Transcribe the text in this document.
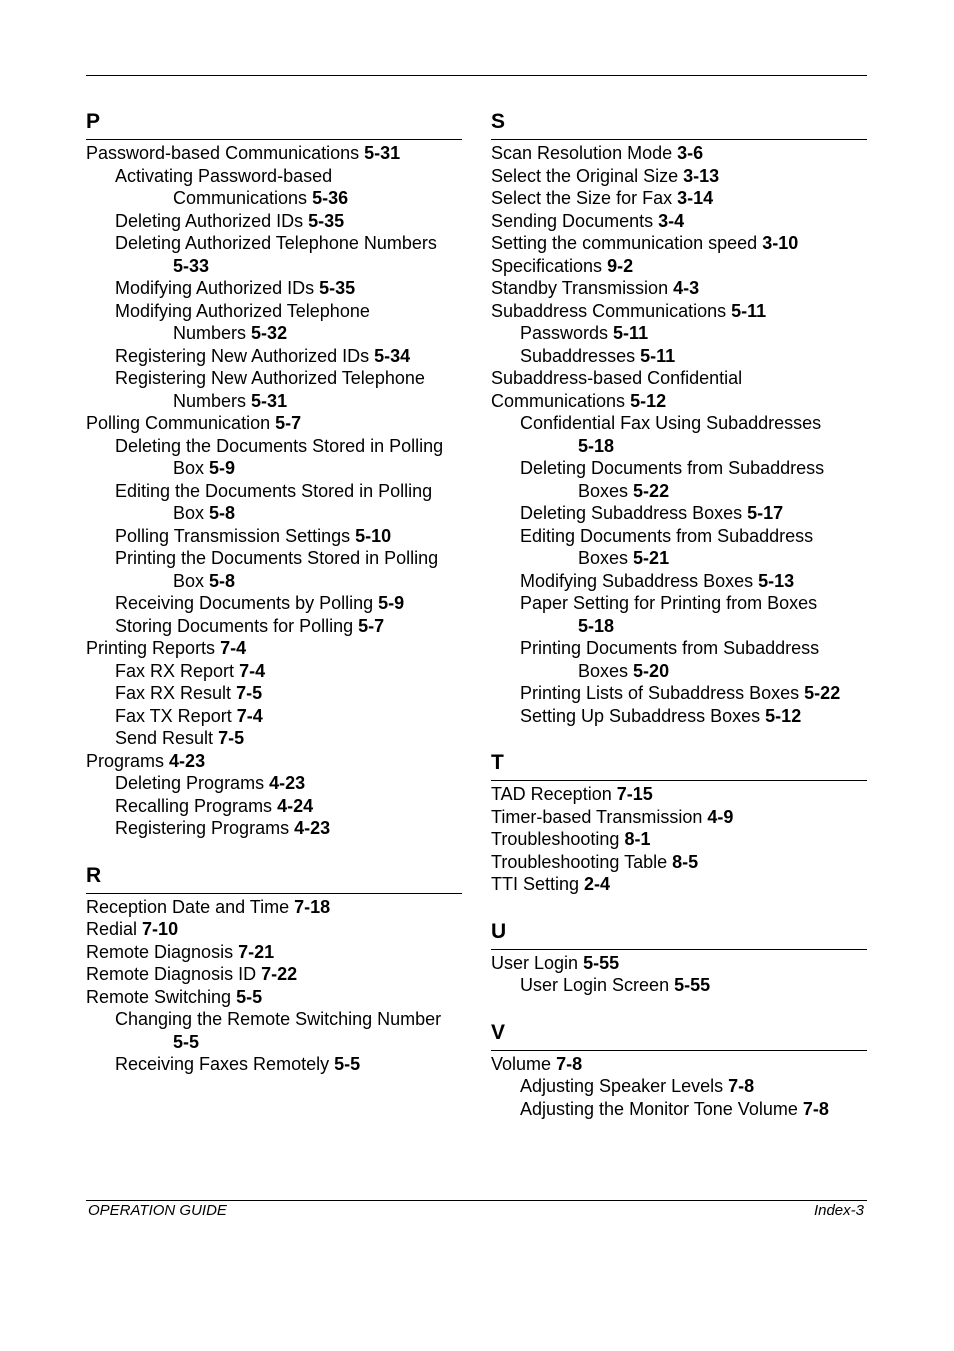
P
Password-based Communications 5-31
Activating Password-based
Communications 5-36
Deleting Authorized IDs 5-35
Deleting Authorized Telephone Numbers
5-33
Modifying Authorized IDs 5-35
Modifying Authorized Telephone
Numbers 5-32
Registering New Authorized IDs 5-34
Registering New Authorized Telephone
Numbers 5-31
Polling Communication 5-7
Deleting the Documents Stored in Polling
Box 5-9
Editing the Documents Stored in Polling
Box 5-8
Polling Transmission Settings 5-10
Printing the Documents Stored in Polling
Box 5-8
Receiving Documents by Polling 5-9
Storing Documents for Polling 5-7
Printing Reports 7-4
Fax RX Report 7-4
Fax RX Result 7-5
Fax TX Report 7-4
Send Result 7-5
Programs 4-23
Deleting Programs 4-23
Recalling Programs 4-24
Registering Programs 4-23
R
Reception Date and Time 7-18
Redial 7-10
Remote Diagnosis 7-21
Remote Diagnosis ID 7-22
Remote Switching 5-5
Changing the Remote Switching Number
5-5
Receiving Faxes Remotely 5-5
S
Scan Resolution Mode 3-6
Select the Original Size 3-13
Select the Size for Fax 3-14
Sending Documents 3-4
Setting the communication speed 3-10
Specifications 9-2
Standby Transmission 4-3
Subaddress Communications 5-11
Passwords 5-11
Subaddresses 5-11
Subaddress-based Confidential
Communications 5-12
Confidential Fax Using Subaddresses
5-18
Deleting Documents from Subaddress
Boxes 5-22
Deleting Subaddress Boxes 5-17
Editing Documents from Subaddress
Boxes 5-21
Modifying Subaddress Boxes 5-13
Paper Setting for Printing from Boxes
5-18
Printing Documents from Subaddress
Boxes 5-20
Printing Lists of Subaddress Boxes 5-22
Setting Up Subaddress Boxes 5-12
T
TAD Reception 7-15
Timer-based Transmission 4-9
Troubleshooting 8-1
Troubleshooting Table 8-5
TTI Setting 2-4
U
User Login 5-55
User Login Screen 5-55
V
Volume 7-8
Adjusting Speaker Levels 7-8
Adjusting the Monitor Tone Volume 7-8
OPERATION GUIDE	Index-3
